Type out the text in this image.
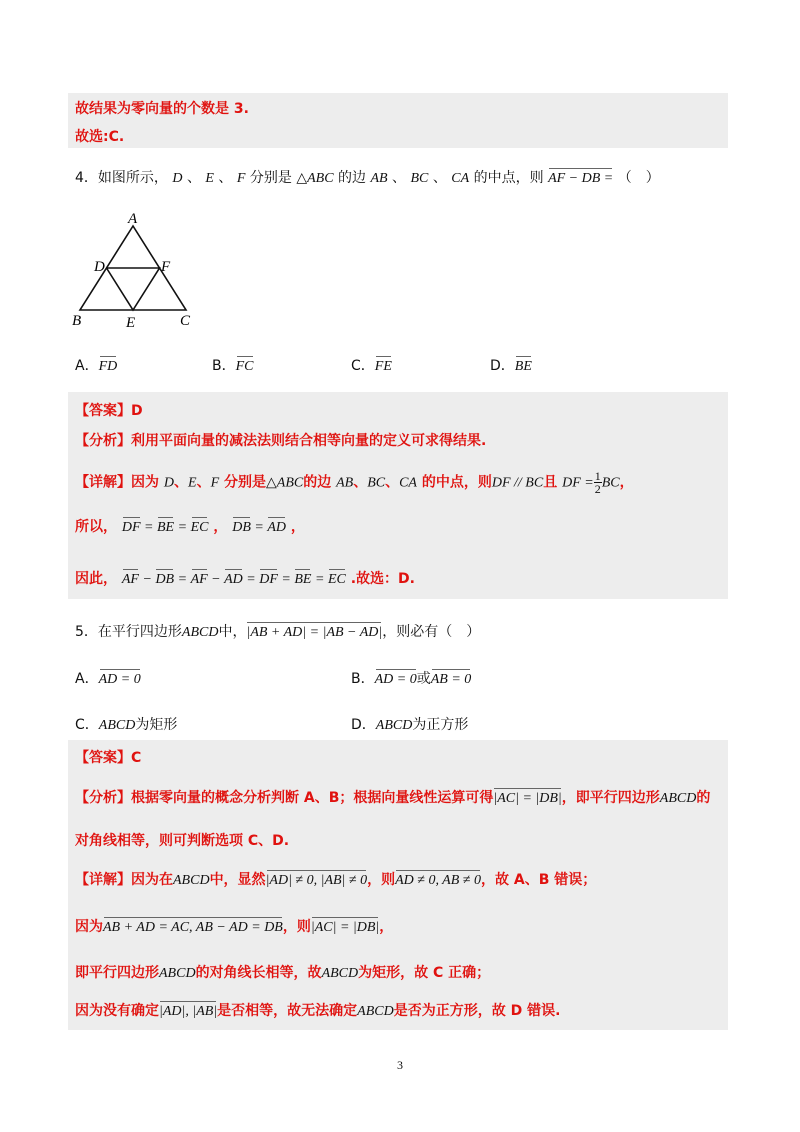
故结果为零向量的个数是 3.
故选:C.
4．如图所示， D 、 E 、 F 分别是 △ABC 的边 AB 、 BC 、 CA 的中点，则 AF − DB = （　）
A
D	F
B	E	C
A．FD	B．FC	C．FE	D．BE
【答案】D
【分析】利用平面向量的减法法则结合相等向量的定义可求得结果.
【详解】因为 D、E、F 分别是△ABC的边 AB、BC、CA 的中点，则DF // BC且 DF = $\frac{1}{2}$ BC，
所以， DF = BE = EC ， DB = AD ，
因此， AF − DB = AF − AD = DF = BE = EC .故选：D.
5．在平行四边形ABCD中，|AB + AD| = |AB − AD|，则必有（　）
A．AD = 0	B．AD = 0或AB = 0
C．ABCD为矩形	D．ABCD为正方形
【答案】C
【分析】根据零向量的概念分析判断 A、B；根据向量线性运算可得|AC| = |DB|，即平行四边形ABCD的
对角线相等，则可判断选项 C、D.
【详解】因为在ABCD中，显然|AD| ≠ 0, |AB| ≠ 0，则AD ≠ 0, AB ≠ 0，故 A、B 错误；
因为AB + AD = AC, AB − AD = DB，则|AC| = |DB|，
即平行四边形ABCD的对角线长相等，故ABCD为矩形，故 C 正确；
因为没有确定|AD|, |AB|是否相等，故无法确定ABCD是否为正方形，故 D 错误.
3
